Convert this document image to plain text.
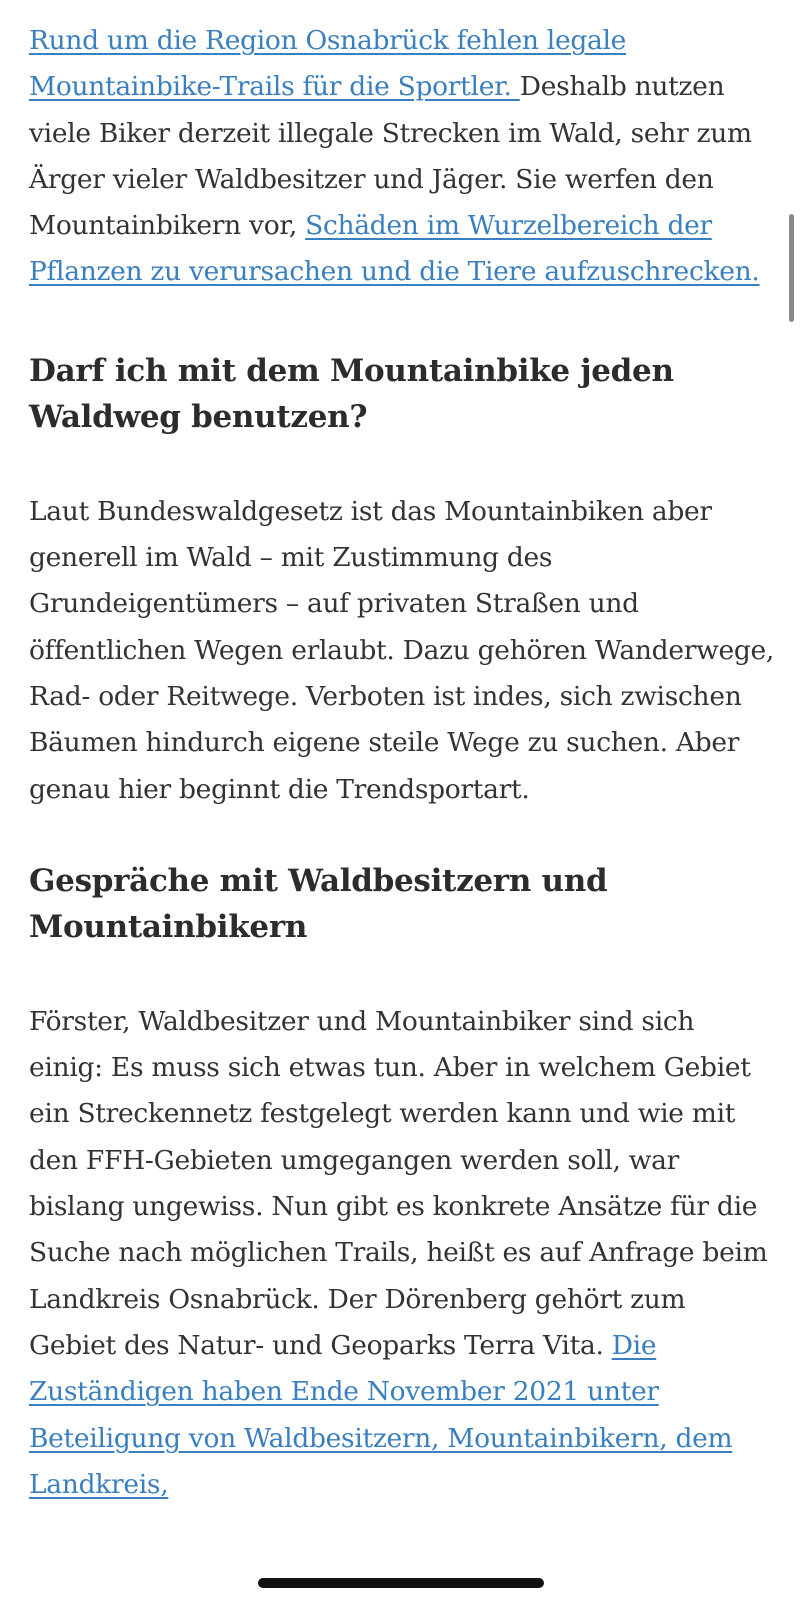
Rund um die Region Osnabrück fehlen legale Mountainbike-Trails für die Sportler. Deshalb nutzen viele Biker derzeit illegale Strecken im Wald, sehr zum Ärger vieler Waldbesitzer und Jäger. Sie werfen den Mountainbikern vor, Schäden im Wurzelbereich der Pflanzen zu verursachen und die Tiere aufzuschrecken.

Darf ich mit dem Mountainbike jeden Waldweg benutzen?

Laut Bundeswaldgesetz ist das Mountainbiken aber generell im Wald – mit Zustimmung des Grundeigentümers – auf privaten Straßen und öffentlichen Wegen erlaubt. Dazu gehören Wanderwege, Rad- oder Reitwege. Verboten ist indes, sich zwischen Bäumen hindurch eigene steile Wege zu suchen. Aber genau hier beginnt die Trendsportart.

Gespräche mit Waldbesitzern und Mountainbikern

Förster, Waldbesitzer und Mountainbiker sind sich einig: Es muss sich etwas tun. Aber in welchem Gebiet ein Streckennetz festgelegt werden kann und wie mit den FFH-Gebieten umgegangen werden soll, war bislang ungewiss. Nun gibt es konkrete Ansätze für die Suche nach möglichen Trails, heißt es auf Anfrage beim Landkreis Osnabrück. Der Dörenberg gehört zum Gebiet des Natur- und Geoparks Terra Vita. Die Zuständigen haben Ende November 2021 unter Beteiligung von Waldbesitzern, Mountainbikern, dem Landkreis,
